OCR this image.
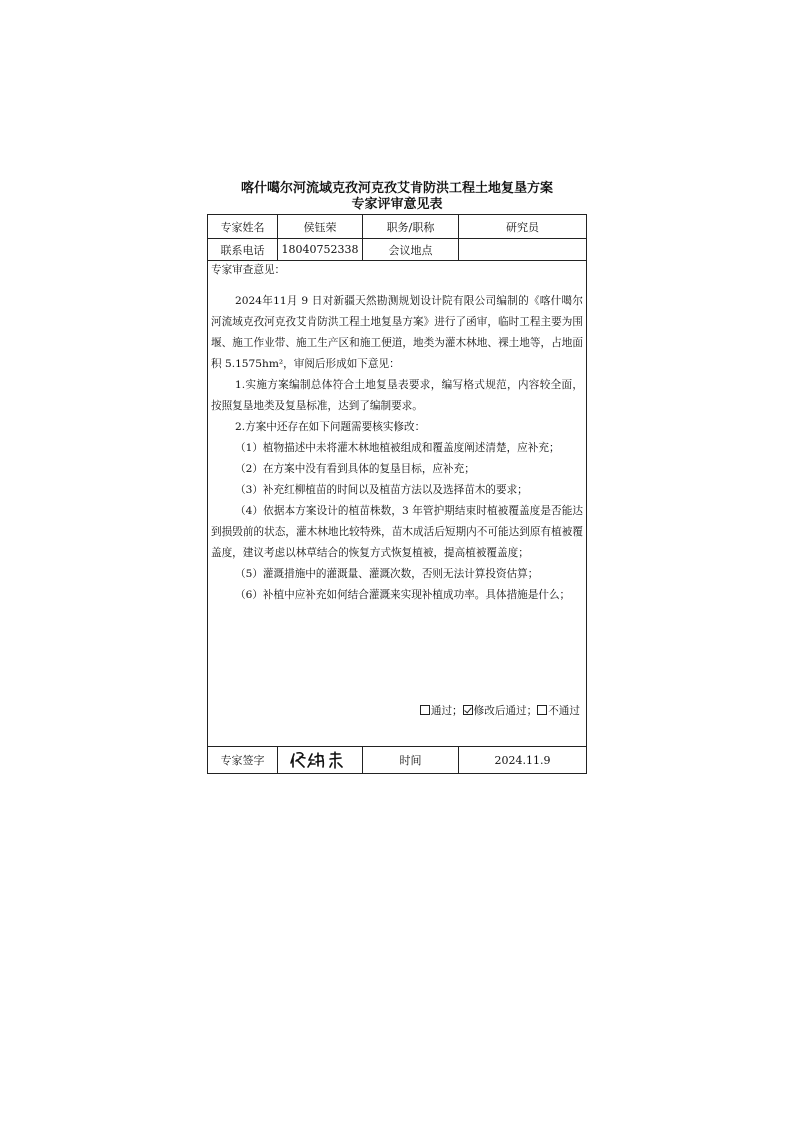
喀什噶尔河流域克孜河克孜艾肯防洪工程土地复垦方案
专家评审意见表
专家姓名	侯钰荣	职务/职称	研究员
联系电话	18040752338	会议地点

专家审查意见：

2024年11月 9 日对新疆天然勘测规划设计院有限公司编制的《喀什噶尔河流域克孜河克孜艾肯防洪工程土地复垦方案》进行了函审，临时工程主要为围堰、施工作业带、施工生产区和施工便道，地类为灌木林地、裸土地等，占地面积 5.1575hm²，审阅后形成如下意见：

1.实施方案编制总体符合土地复垦表要求，编写格式规范，内容较全面，按照复垦地类及复垦标准，达到了编制要求。

2.方案中还存在如下问题需要核实修改：

（1）植物描述中未将灌木林地植被组成和覆盖度阐述清楚，应补充；

（2）在方案中没有看到具体的复垦目标，应补充；

（3）补充红柳植苗的时间以及植苗方法以及选择苗木的要求；

（4）依据本方案设计的植苗株数，3 年管护期结束时植被覆盖度是否能达到损毁前的状态，灌木林地比较特殊，苗木成活后短期内不可能达到原有植被覆盖度，建议考虑以林草结合的恢复方式恢复植被，提高植被覆盖度；

（5）灌溉措施中的灌溉量、灌溉次数，否则无法计算投资估算；

（6）补植中应补充如何结合灌溉来实现补植成功率。具体措施是什么；

通过； 修改后通过； 不通过
专家签字	时间	2024.11.9
